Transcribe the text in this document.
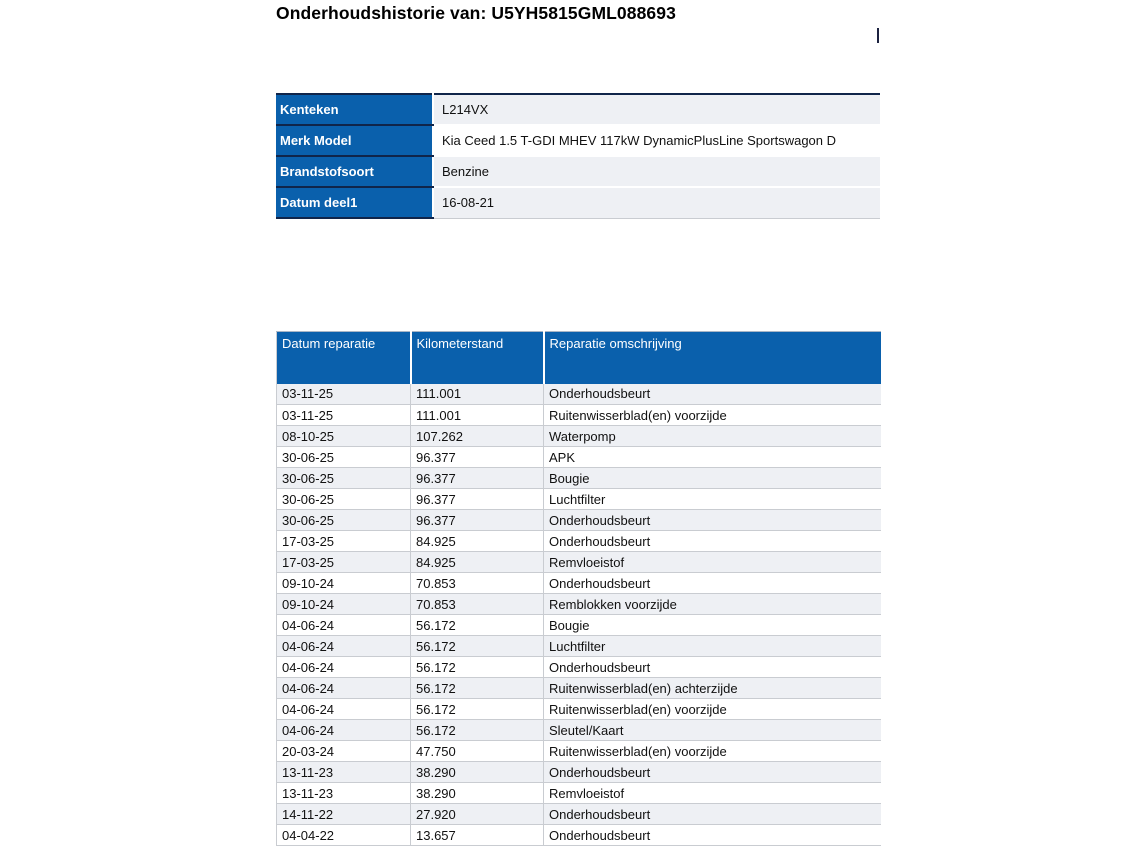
Onderhoudshistorie van: U5YH5815GML088693
Kenteken	L214VX
Merk Model	Kia Ceed 1.5 T-GDI MHEV 117kW DynamicPlusLine Sportswagon D
Brandstofsoort	Benzine
Datum deel1	16-08-21
Datum reparatie	Kilometerstand	Reparatie omschrijving
03-11-25	111.001	Onderhoudsbeurt
03-11-25	111.001	Ruitenwisserblad(en) voorzijde
08-10-25	107.262	Waterpomp
30-06-25	96.377	APK
30-06-25	96.377	Bougie
30-06-25	96.377	Luchtfilter
30-06-25	96.377	Onderhoudsbeurt
17-03-25	84.925	Onderhoudsbeurt
17-03-25	84.925	Remvloeistof
09-10-24	70.853	Onderhoudsbeurt
09-10-24	70.853	Remblokken voorzijde
04-06-24	56.172	Bougie
04-06-24	56.172	Luchtfilter
04-06-24	56.172	Onderhoudsbeurt
04-06-24	56.172	Ruitenwisserblad(en) achterzijde
04-06-24	56.172	Ruitenwisserblad(en) voorzijde
04-06-24	56.172	Sleutel/Kaart
20-03-24	47.750	Ruitenwisserblad(en) voorzijde
13-11-23	38.290	Onderhoudsbeurt
13-11-23	38.290	Remvloeistof
14-11-22	27.920	Onderhoudsbeurt
04-04-22	13.657	Onderhoudsbeurt
